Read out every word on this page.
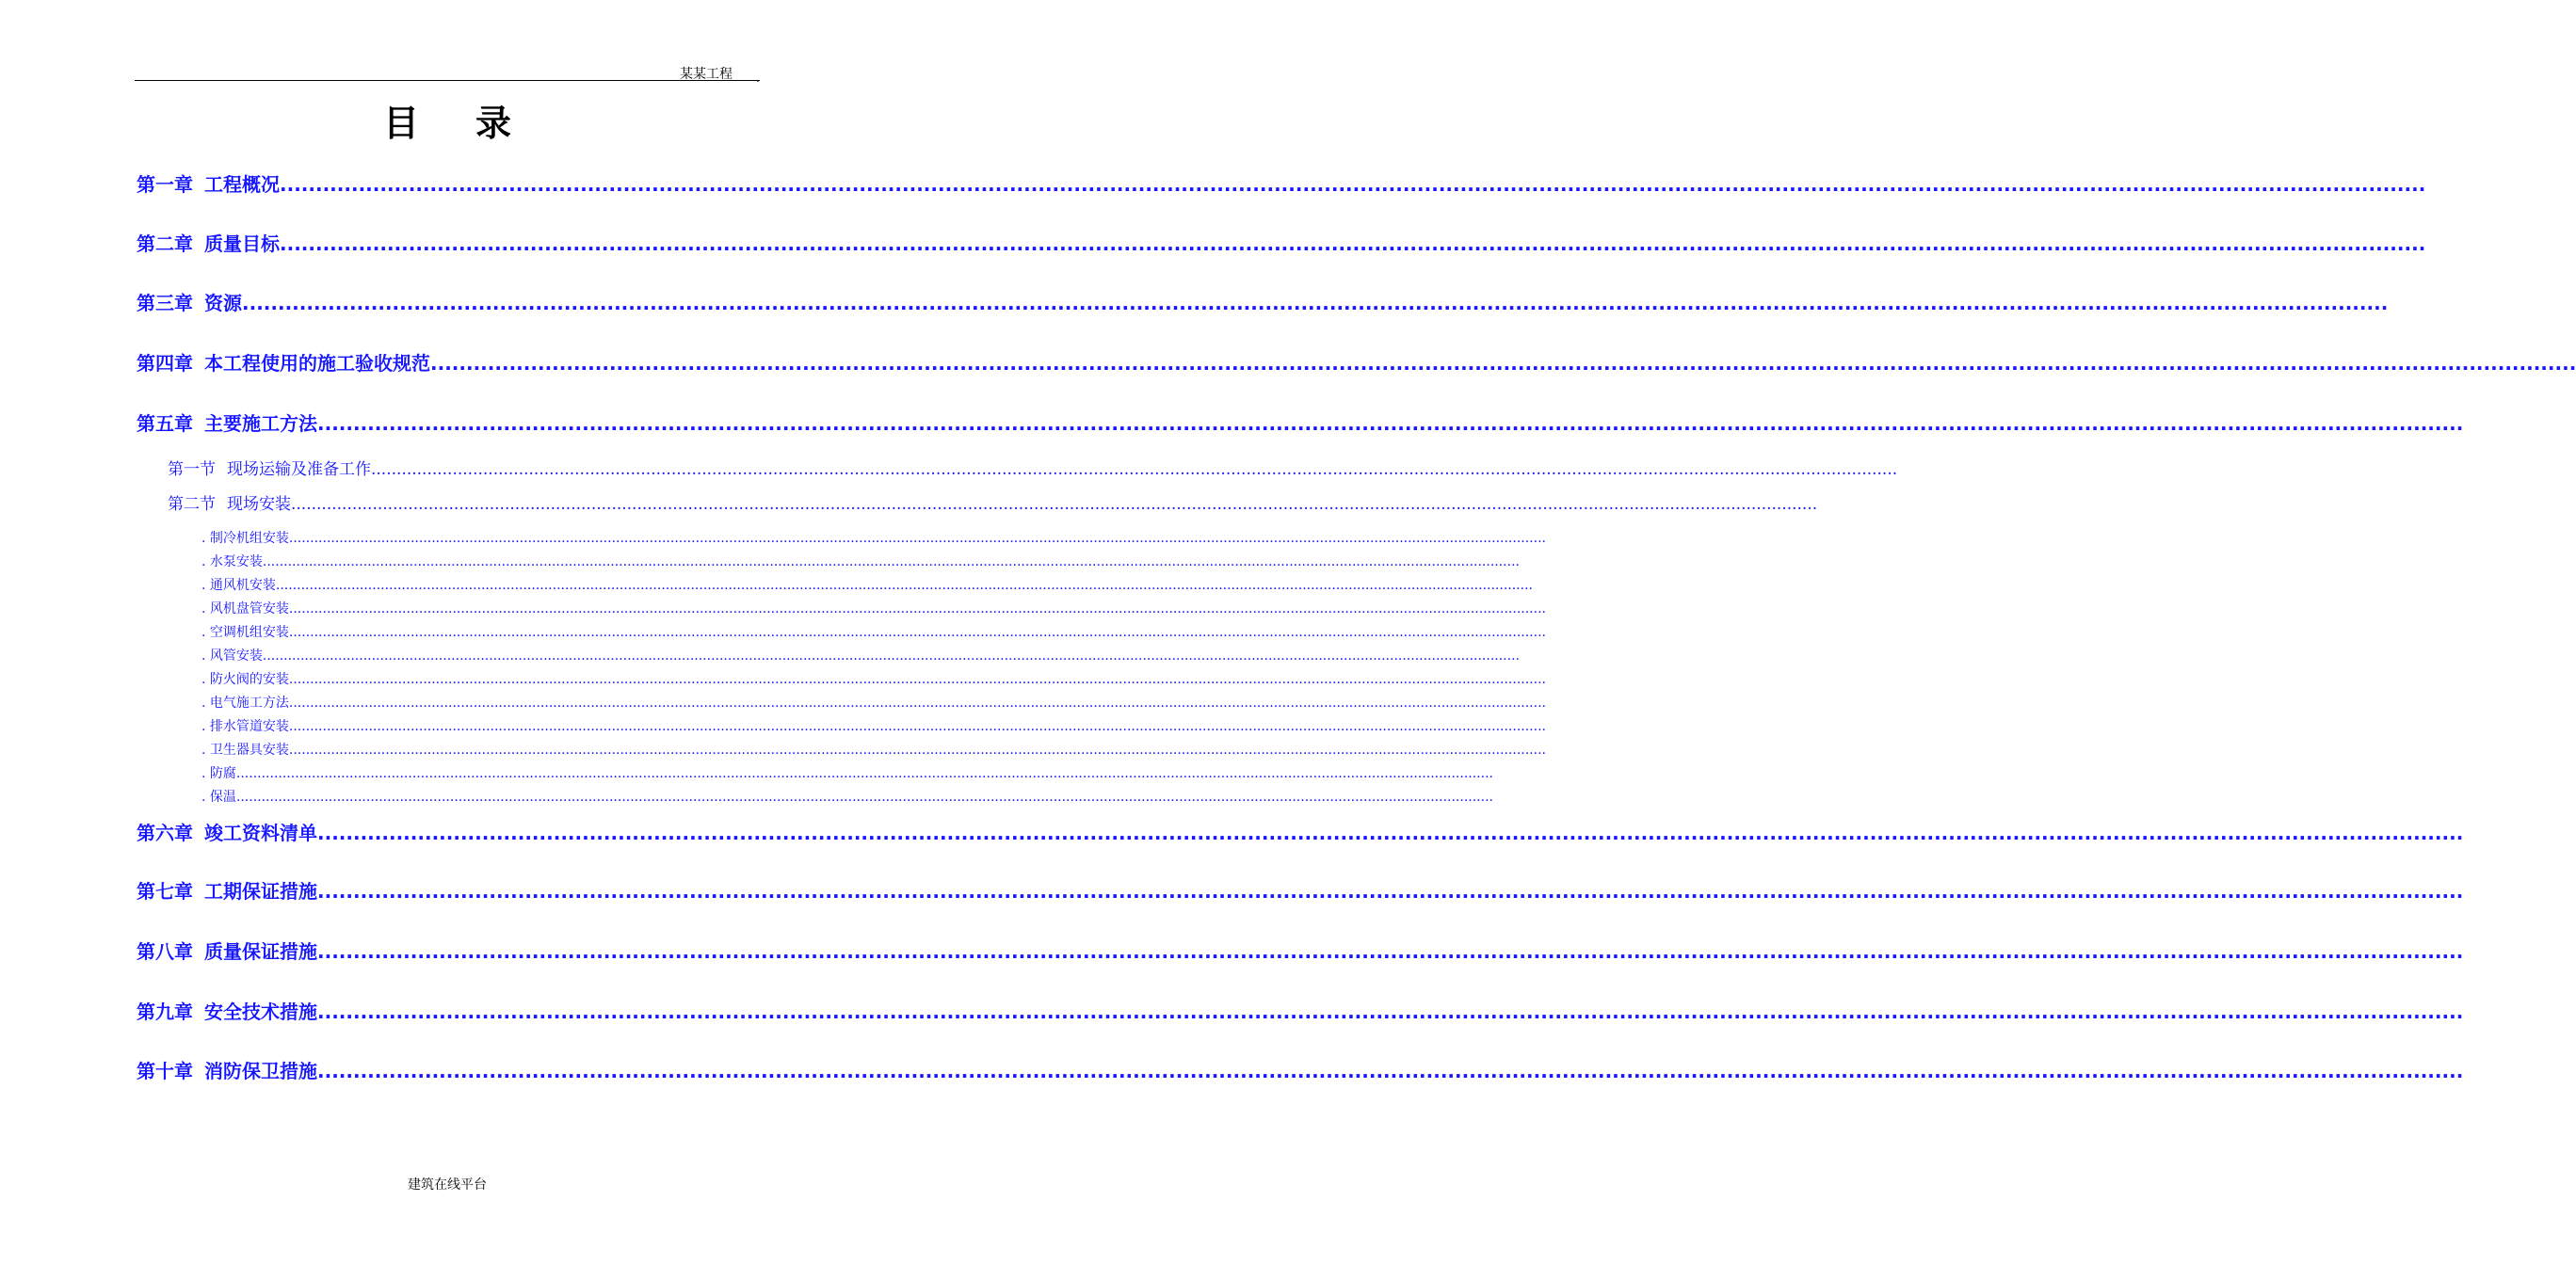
某某工程 .
目录
第一章 工程概况 ............................................................................................................................................................................................................................................................................................................
第二章 质量目标 ............................................................................................................................................................................................................................................................................................................
第三章 资源 ............................................................................................................................................................................................................................................................................................................
第四章 本工程使用的施工验收规范 ............................................................................................................................................................................................................................................................................................................
第五章 主要施工方法 ............................................................................................................................................................................................................................................................................................................
第一节 现场运输及准备工作 ............................................................................................................................................................................................................................................................................................................
第二节 现场安装 ............................................................................................................................................................................................................................................................................................................
. 制冷机组安装 ............................................................................................................................................................................................................................................................................................................
. 水泵安装 ............................................................................................................................................................................................................................................................................................................
. 通风机安装 ............................................................................................................................................................................................................................................................................................................
. 风机盘管安装 ............................................................................................................................................................................................................................................................................................................
. 空调机组安装 ............................................................................................................................................................................................................................................................................................................
. 风管安装 ............................................................................................................................................................................................................................................................................................................
. 防火阀的安装 ............................................................................................................................................................................................................................................................................................................
. 电气施工方法 ............................................................................................................................................................................................................................................................................................................
. 排水管道安装 ............................................................................................................................................................................................................................................................................................................
. 卫生器具安装 ............................................................................................................................................................................................................................................................................................................
. 防腐 ............................................................................................................................................................................................................................................................................................................
. 保温 ............................................................................................................................................................................................................................................................................................................
第六章 竣工资料清单 ............................................................................................................................................................................................................................................................................................................
第七章 工期保证措施 ............................................................................................................................................................................................................................................................................................................
第八章 质量保证措施 ............................................................................................................................................................................................................................................................................................................
第九章 安全技术措施 ............................................................................................................................................................................................................................................................................................................
第十章 消防保卫措施 ............................................................................................................................................................................................................................................................................................................
建筑在线平台
